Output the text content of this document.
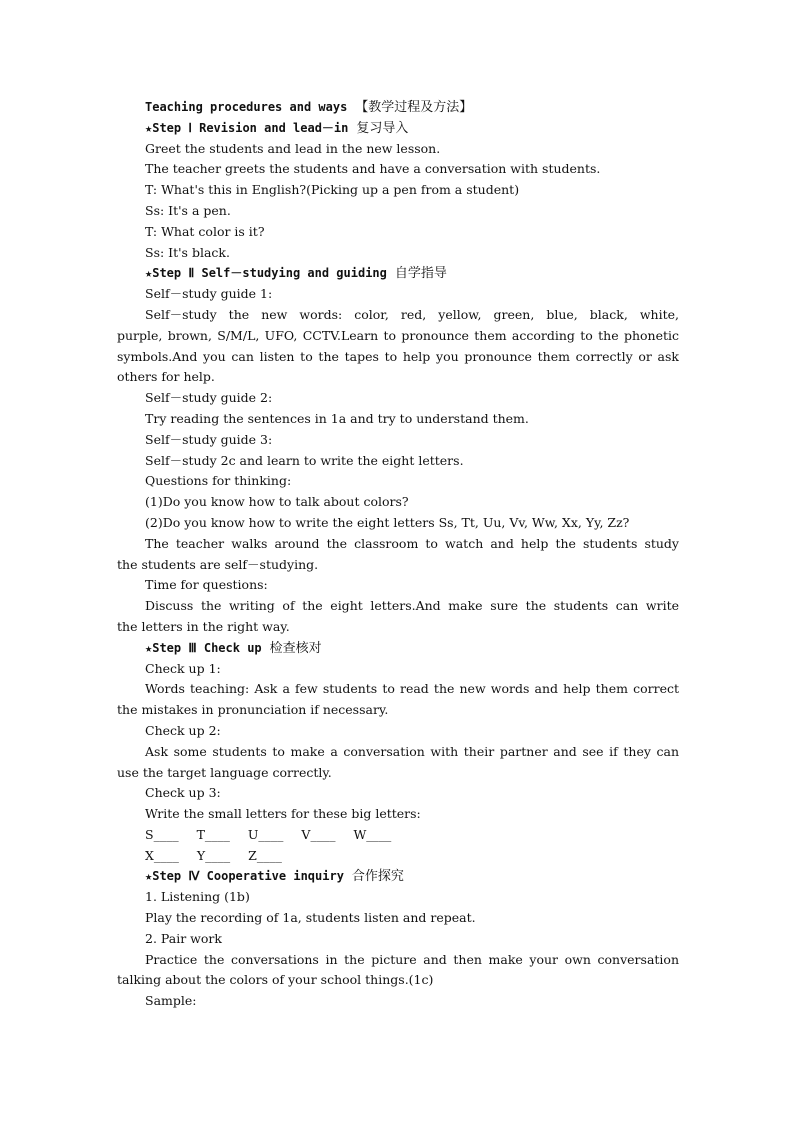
Teaching procedures and ways 【教学过程及方法】
★Step Ⅰ Revision and lead－in 复习导入
Greet the students and lead in the new lesson.
The teacher greets the students and have a conversation with students.
T: What's this in English?(Picking up a pen from a student)
Ss: It's a pen.
T: What color is it?
Ss: It's black.
★Step Ⅱ Self－studying and guiding 自学指导
Self－study guide 1:
Self－study the new words: color, red, yellow, green, blue, black, white,
purple, brown, S/M/L, UFO, CCTV.Learn to pronounce them according to the phonetic
symbols.And you can listen to the tapes to help you pronounce them correctly or ask
others for help.
Self－study guide 2:
Try reading the sentences in 1a and try to understand them.
Self－study guide 3:
Self－study 2c and learn to write the eight letters.
Questions for thinking:
(1)Do you know how to talk about colors?
(2)Do you know how to write the eight letters Ss, Tt, Uu, Vv, Ww, Xx, Yy, Zz?
The teacher walks around the classroom to watch and help the students study
the students are self－studying.
Time for questions:
Discuss the writing of the eight letters.And make sure the students can write
the letters in the right way.
★Step Ⅲ Check up 检查核对
Check up 1:
Words teaching: Ask a few students to read the new words and help them correct
the mistakes in pronunciation if necessary.
Check up 2:
Ask some students to make a conversation with their partner and see if they can
use the target language correctly.
Check up 3:
Write the small letters for these big letters:
S____ T____ U____ V____ W____
X____ Y____ Z____
★Step Ⅳ Cooperative inquiry 合作探究
1. Listening (1b)
Play the recording of 1a, students listen and repeat.
2. Pair work
Practice the conversations in the picture and then make your own conversation
talking about the colors of your school things.(1c)
Sample:
